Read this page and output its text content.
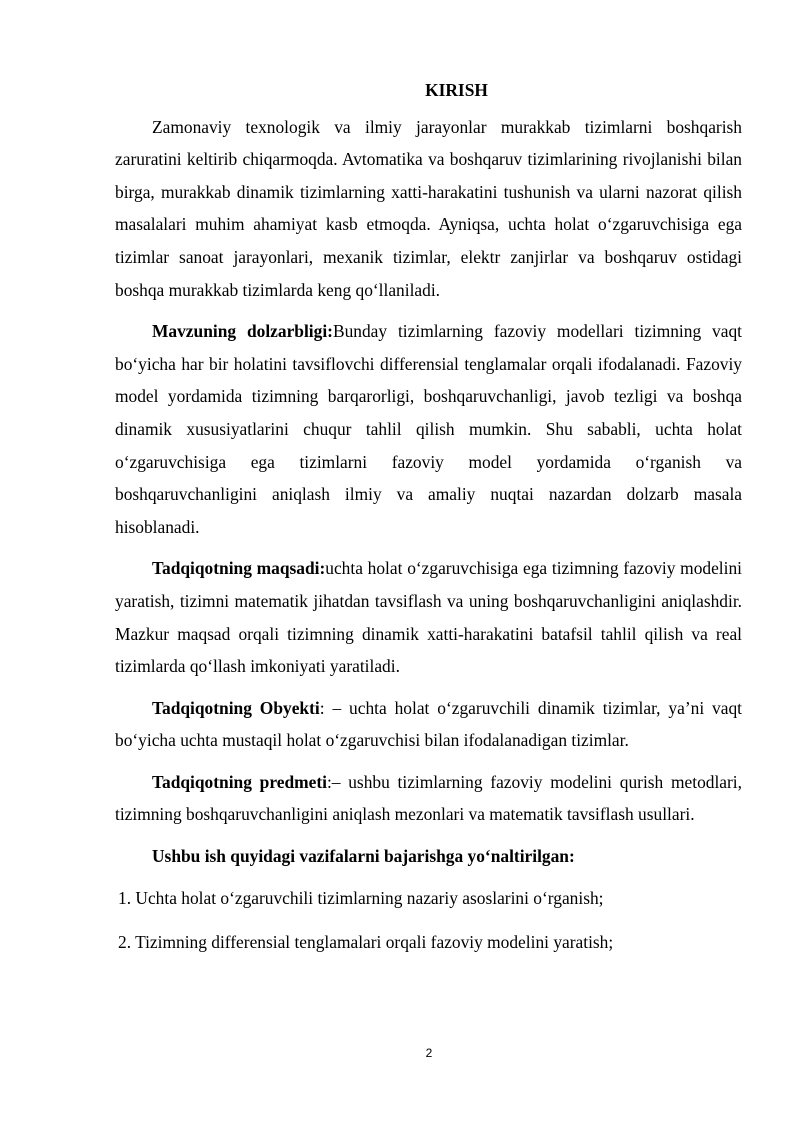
KIRISH

Zamonaviy texnologik va ilmiy jarayonlar murakkab tizimlarni boshqarish zaruratini keltirib chiqarmoqda. Avtomatika va boshqaruv tizimlarining rivojlanishi bilan birga, murakkab dinamik tizimlarning xatti-harakatini tushunish va ularni nazorat qilish masalalari muhim ahamiyat kasb etmoqda. Ayniqsa, uchta holat o‘zgaruvchisiga ega tizimlar sanoat jarayonlari, mexanik tizimlar, elektr zanjirlar va boshqaruv ostidagi boshqa murakkab tizimlarda keng qo‘llaniladi.

Mavzuning dolzarbligi:Bunday tizimlarning fazoviy modellari tizimning vaqt bo‘yicha har bir holatini tavsiflovchi differensial tenglamalar orqali ifodalanadi. Fazoviy model yordamida tizimning barqarorligi, boshqaruvchanligi, javob tezligi va boshqa dinamik xususiyatlarini chuqur tahlil qilish mumkin. Shu sababli, uchta holat o‘zgaruvchisiga ega tizimlarni fazoviy model yordamida o‘rganish va boshqaruvchanligini aniqlash ilmiy va amaliy nuqtai nazardan dolzarb masala hisoblanadi.

Tadqiqotning maqsadi:uchta holat o‘zgaruvchisiga ega tizimning fazoviy modelini yaratish, tizimni matematik jihatdan tavsiflash va uning boshqaruvchanligini aniqlashdir. Mazkur maqsad orqali tizimning dinamik xatti-harakatini batafsil tahlil qilish va real tizimlarda qo‘llash imkoniyati yaratiladi.

Tadqiqotning Obyekti: – uchta holat o‘zgaruvchili dinamik tizimlar, ya’ni vaqt bo‘yicha uchta mustaqil holat o‘zgaruvchisi bilan ifodalanadigan tizimlar.

Tadqiqotning predmeti:– ushbu tizimlarning fazoviy modelini qurish metodlari, tizimning boshqaruvchanligini aniqlash mezonlari va matematik tavsiflash usullari.

Ushbu ish quyidagi vazifalarni bajarishga yo‘naltirilgan:

1. Uchta holat o‘zgaruvchili tizimlarning nazariy asoslarini o‘rganish;
2. Tizimning differensial tenglamalari orqali fazoviy modelini yaratish;
2
